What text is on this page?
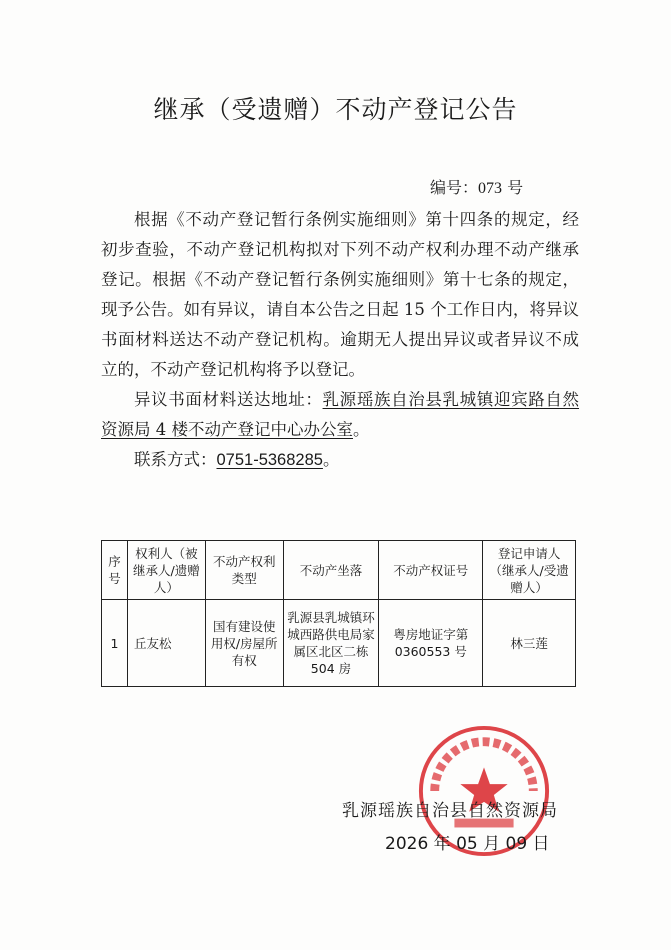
继承（受遗赠）不动产登记公告
编号：073 号

根据《不动产登记暂行条例实施细则》第十四条的规定，经初步查验，不动产登记机构拟对下列不动产权利办理不动产继承登记。根据《不动产登记暂行条例实施细则》第十七条的规定，现予公告。如有异议，请自本公告之日起 15 个工作日内，将异议书面材料送达不动产登记机构。逾期无人提出异议或者异议不成立的，不动产登记机构将予以登记。

异议书面材料送达地址：乳源瑶族自治县乳城镇迎宾路自然资源局 4 楼不动产登记中心办公室。

联系方式：0751-5368285。

序号	权利人（被继承人/遗赠人）	不动产权利类型	不动产坐落	不动产权证号	登记申请人（继承人/受遗赠人）
1	丘友松	国有建设使用权/房屋所有权	乳源县乳城镇环城西路供电局家属区北区二栋 504 房	粤房地证字第 0360553 号	林三莲
乳源瑶族自治县自然资源局
2026 年 05 月 09 日
